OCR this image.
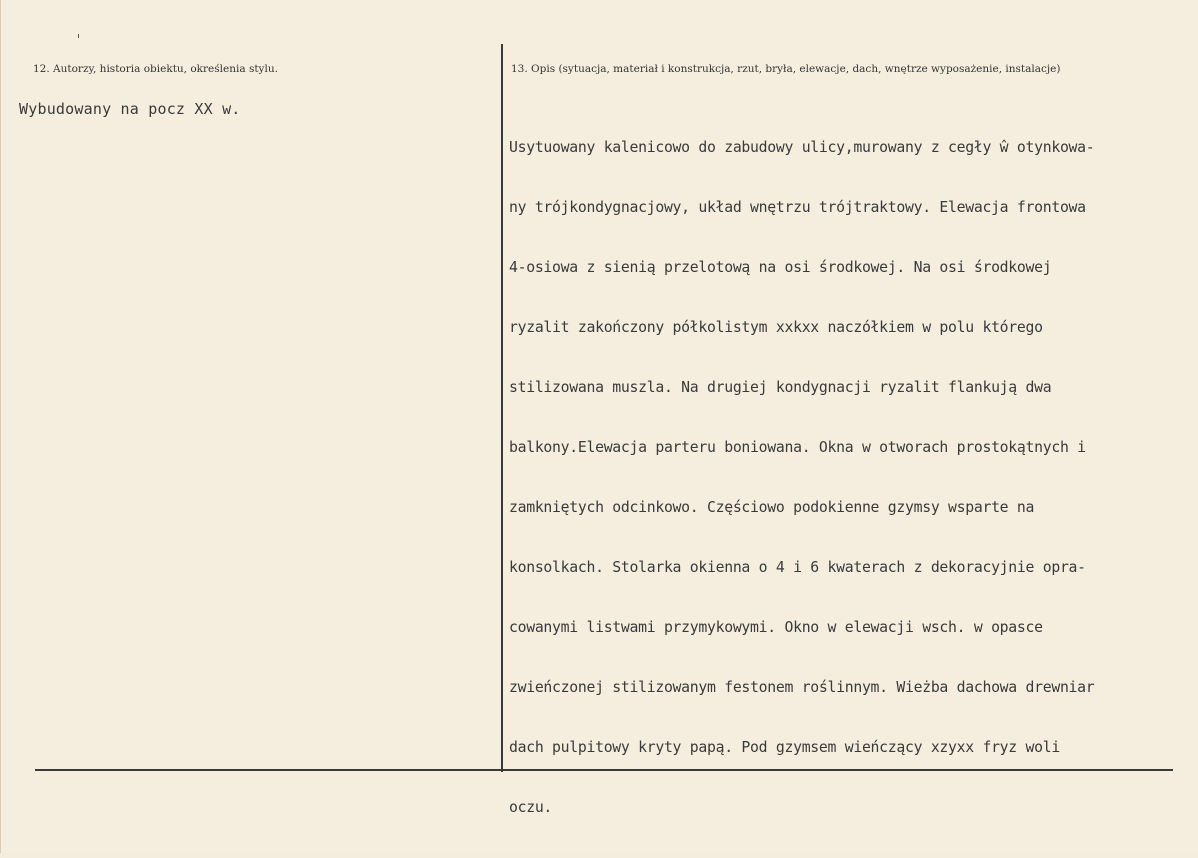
12. Autorzy, historia obiektu, określenia stylu.
Wybudowany na pocz XX w.
13. Opis (sytuacja, materiał i konstrukcja, rzut, bryła, elewacje, dach, wnętrze wyposażenie, instalacje)

Usytuowany kalenicowo do zabudowy ulicy,murowany z cegły ŵ otynkowa-

ny trójkondygnacjowy, układ wnętrzu trójtraktowy. Elewacja frontowa

4-osiowa z sienią przelotową na osi środkowej. Na osi środkowej

ryzalit zakończony półkolistym xxkxx naczółkiem w polu którego

stilizowana muszla. Na drugiej kondygnacji ryzalit flankują dwa

balkony.Elewacja parteru boniowana. Okna w otworach prostokątnych i

zamkniętych odcinkowo. Częściowo podokienne gzymsy wsparte na

konsolkach. Stolarka okienna o 4 i 6 kwaterach z dekoracyjnie opra-

cowanymi listwami przymykowymi. Okno w elewacji wsch. w opasce

zwieńczonej stilizowanym festonem roślinnym. Wieżba dachowa drewniar

dach pulpitowy kryty papą. Pod gzymsem wieńczący xzyxx fryz woli

oczu.
